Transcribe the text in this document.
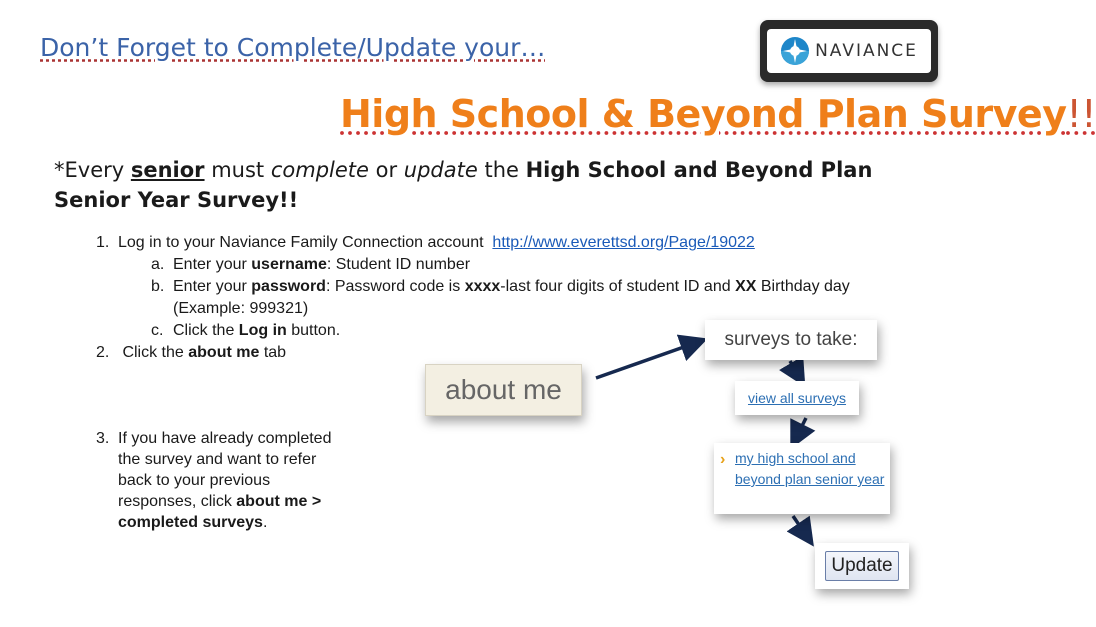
Don’t Forget to Complete/Update your…	NAVIANCE
High School & Beyond Plan Survey!!
*Every senior must complete or update the High School and Beyond Plan Senior Year Survey!!
1. Log in to your Naviance Family Connection account http://www.everettsd.org/Page/19022
a. Enter your username: Student ID number
b. Enter your password: Password code is xxxx-last four digits of student ID and XX Birthday day
(Example: 999321)
c. Click the Log in button.
2. Click the about me tab
3. If you have already completed
the survey and want to refer
back to your previous
responses, click about me >
completed surveys.
about me
surveys to take:
view all surveys
› my high school and beyond plan senior year
Update
